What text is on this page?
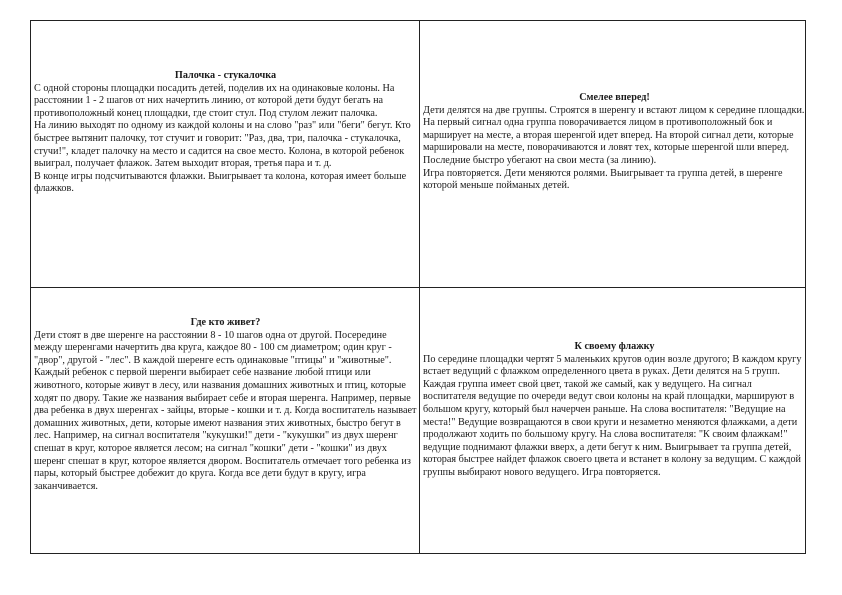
Палочка - стукалочка

С одной стороны площадки посадить детей, поделив их на одинаковые колоны. На расстоянии 1 - 2 шагов от них начертить линию, от которой дети будут бегать на противоположный конец площадки, где стоит стул. Под стулом лежит палочка.

На линию выходят по одному из каждой колоны и на слово "раз" или "беги" бегут. Кто быстрее вытянит палочку, тот стучит и говорит: "Раз, два, три, палочка - стукалочка, стучи!", кладет палочку на место и садится на свое место. Колона, в которой ребенок выиграл, получает флажок. Затем выходит вторая, третья пара и т. д.

В конце игры подсчитываются флажки. Выигрывает та колона, которая имеет больше флажков.

Смелее вперед!

Дети делятся на две группы. Строятся в шеренгу и встают лицом к середине площадки. На первый сигнал одна группа поворачивается лицом в противоположный бок и марширует на месте, а вторая шеренгой идет вперед. На второй сигнал дети, которые маршировали на месте, поворачиваются и ловят тех, которые шеренгой шли вперед. Последние быстро убегают на свои места (за линию).

Игра повторяется. Дети меняются ролями. Выигрывает та группа детей, в шеренге которой меньше пойманых детей.

Где кто живет?

Дети стоят в две шеренге на расстоянии 8 - 10 шагов одна от другой. Посередине между шеренгами начертить два круга, каждое 80 - 100 см диаметром; один круг - "двор", другой - "лес". В каждой шеренге есть одинаковые "птицы" и "животные".

Каждый ребенок с первой шеренги выбирает себе название любой птици или животного, которые живут в лесу, или названия домашних животных и птиц, которые ходят по двору. Такие же названия выбирает себе и вторая шеренга. Например, первые два ребенка в двух шеренгах - зайцы, вторые - кошки и т. д. Когда воспитатель называет домашних животных, дети, которые имеют названия этих животных, быстро бегут в лес. Например, на сигнал воспитателя "кукушки!" дети - "кукушки" из двух шеренг спешат в круг, которое является лесом; на сигнал "кошки" дети - "кошки" из двух шеренг спешат в круг, которое является двором. Воспитатель отмечает того ребенка из пары, который быстрее добежит до круга. Когда все дети будут в кругу, игра заканчивается.

К своему флажку

По середине площадки чертят 5 маленьких кругов один возле другого; В каждом кругу встает ведущий с флажком определенного цвета в руках. Дети делятся на 5 групп. Каждая группа имеет свой цвет, такой же самый, как у ведущего. На сигнал воспитателя ведущие по очереди ведут свои колоны на край площадки, маршируют в большом кругу, который был начерчен раньше. На слова воспитателя: "Ведущие на места!" Ведущие возвращаются в свои круги и незаметно меняются флажками, а дети продолжают ходить по большому кругу. На слова воспитателя: "К своим флажкам!" ведущие поднимают флажки вверх, а дети бегут к ним. Выигрывает та группа детей, которая быстрее найдет флажок своего цвета и встанет в колону за ведущим. С каждой группы выбирают нового ведущего. Игра повторяется.
